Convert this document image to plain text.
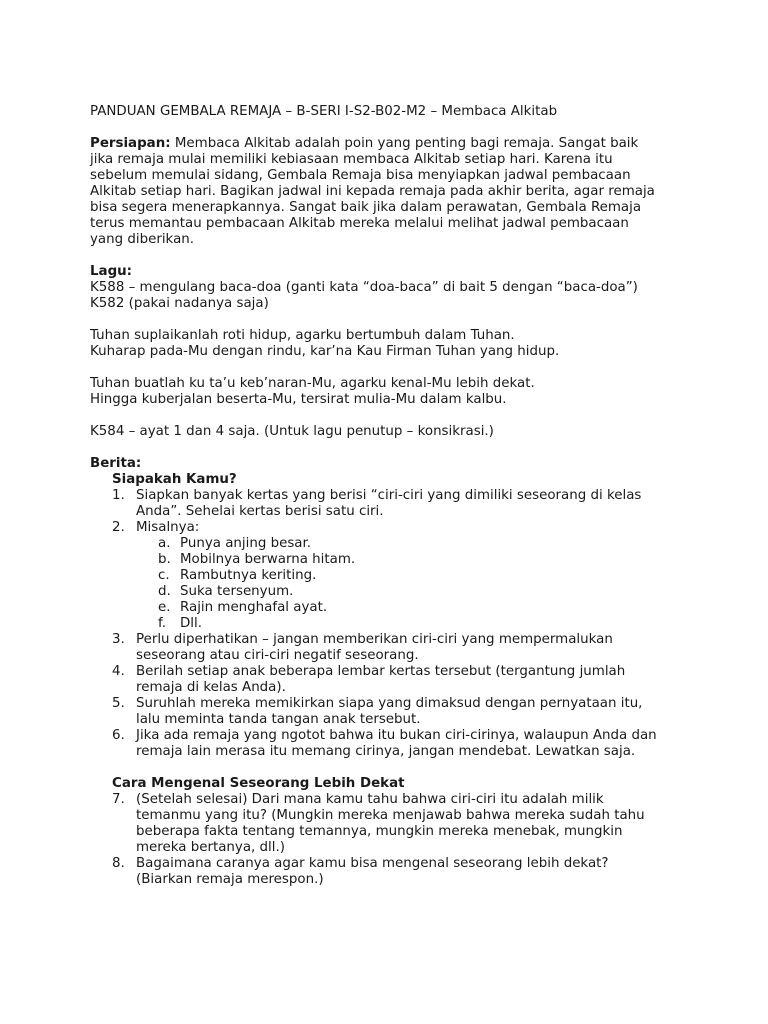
PANDUAN GEMBALA REMAJA – B-SERI I-S2-B02-M2 – Membaca Alkitab
Persiapan: Membaca Alkitab adalah poin yang penting bagi remaja. Sangat baik
jika remaja mulai memiliki kebiasaan membaca Alkitab setiap hari. Karena itu
sebelum memulai sidang, Gembala Remaja bisa menyiapkan jadwal pembacaan
Alkitab setiap hari. Bagikan jadwal ini kepada remaja pada akhir berita, agar remaja
bisa segera menerapkannya. Sangat baik jika dalam perawatan, Gembala Remaja
terus memantau pembacaan Alkitab mereka melalui melihat jadwal pembacaan
yang diberikan.
Lagu:
K588 – mengulang baca-doa (ganti kata “doa-baca” di bait 5 dengan “baca-doa”)
K582 (pakai nadanya saja)
Tuhan suplaikanlah roti hidup, agarku bertumbuh dalam Tuhan.
Kuharap pada-Mu dengan rindu, kar’na Kau Firman Tuhan yang hidup.
Tuhan buatlah ku ta’u keb’naran-Mu, agarku kenal-Mu lebih dekat.
Hingga kuberjalan beserta-Mu, tersirat mulia-Mu dalam kalbu.
K584 – ayat 1 dan 4 saja. (Untuk lagu penutup – konsikrasi.)
Berita:
Siapakah Kamu?
1. Siapkan banyak kertas yang berisi “ciri-ciri yang dimiliki seseorang di kelas
Anda”. Sehelai kertas berisi satu ciri.
2. Misalnya:
a. Punya anjing besar.
b. Mobilnya berwarna hitam.
c. Rambutnya keriting.
d. Suka tersenyum.
e. Rajin menghafal ayat.
f.	Dll.
3. Perlu diperhatikan – jangan memberikan ciri-ciri yang mempermalukan
seseorang atau ciri-ciri negatif seseorang.
4. Berilah setiap anak beberapa lembar kertas tersebut (tergantung jumlah
remaja di kelas Anda).
5. Suruhlah mereka memikirkan siapa yang dimaksud dengan pernyataan itu,
lalu meminta tanda tangan anak tersebut.
6. Jika ada remaja yang ngotot bahwa itu bukan ciri-cirinya, walaupun Anda dan
remaja lain merasa itu memang cirinya, jangan mendebat. Lewatkan saja.
Cara Mengenal Seseorang Lebih Dekat
7. (Setelah selesai) Dari mana kamu tahu bahwa ciri-ciri itu adalah milik
temanmu yang itu? (Mungkin mereka menjawab bahwa mereka sudah tahu
beberapa fakta tentang temannya, mungkin mereka menebak, mungkin
mereka bertanya, dll.)
8. Bagaimana caranya agar kamu bisa mengenal seseorang lebih dekat?
(Biarkan remaja merespon.)
